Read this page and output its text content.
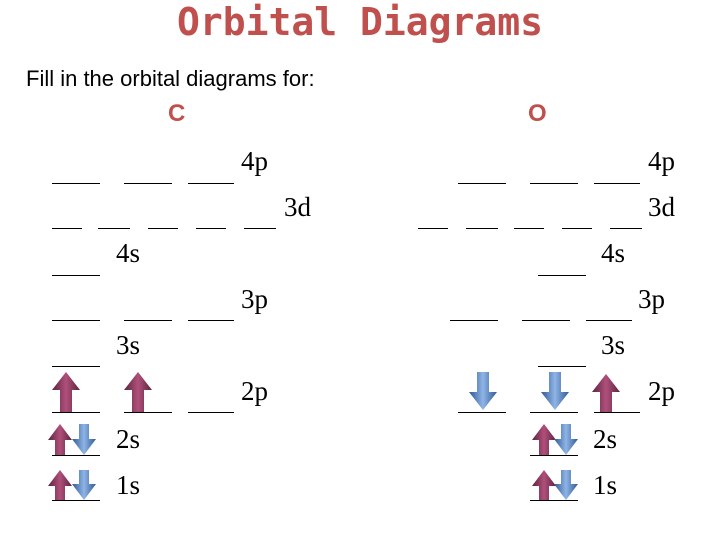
Orbital Diagrams
Fill in the orbital diagrams for:
C
4p
3d
4s
3p
3s
2p
2s
1s
O
4p
3d
4s
3p
3s
2p
2s
1s
